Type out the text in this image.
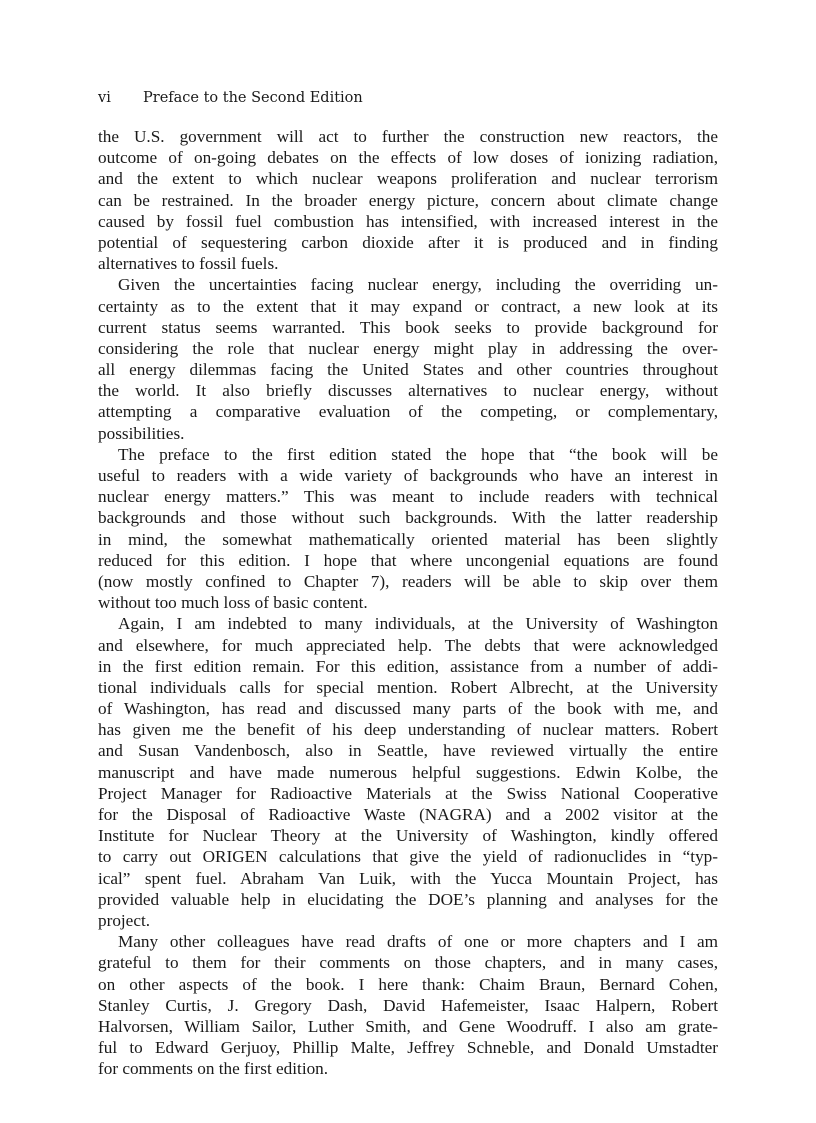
vi Preface to the Second Edition
the U.S. government will act to further the construction new reactors, the
outcome of on-going debates on the effects of low doses of ionizing radiation,
and the extent to which nuclear weapons proliferation and nuclear terrorism
can be restrained. In the broader energy picture, concern about climate change
caused by fossil fuel combustion has intensified, with increased interest in the
potential of sequestering carbon dioxide after it is produced and in finding
alternatives to fossil fuels.
Given the uncertainties facing nuclear energy, including the overriding un-
certainty as to the extent that it may expand or contract, a new look at its
current status seems warranted. This book seeks to provide background for
considering the role that nuclear energy might play in addressing the over-
all energy dilemmas facing the United States and other countries throughout
the world. It also briefly discusses alternatives to nuclear energy, without
attempting a comparative evaluation of the competing, or complementary,
possibilities.
The preface to the first edition stated the hope that “the book will be
useful to readers with a wide variety of backgrounds who have an interest in
nuclear energy matters.” This was meant to include readers with technical
backgrounds and those without such backgrounds. With the latter readership
in mind, the somewhat mathematically oriented material has been slightly
reduced for this edition. I hope that where uncongenial equations are found
(now mostly confined to Chapter 7), readers will be able to skip over them
without too much loss of basic content.
Again, I am indebted to many individuals, at the University of Washington
and elsewhere, for much appreciated help. The debts that were acknowledged
in the first edition remain. For this edition, assistance from a number of addi-
tional individuals calls for special mention. Robert Albrecht, at the University
of Washington, has read and discussed many parts of the book with me, and
has given me the benefit of his deep understanding of nuclear matters. Robert
and Susan Vandenbosch, also in Seattle, have reviewed virtually the entire
manuscript and have made numerous helpful suggestions. Edwin Kolbe, the
Project Manager for Radioactive Materials at the Swiss National Cooperative
for the Disposal of Radioactive Waste (NAGRA) and a 2002 visitor at the
Institute for Nuclear Theory at the University of Washington, kindly offered
to carry out ORIGEN calculations that give the yield of radionuclides in “typ-
ical” spent fuel. Abraham Van Luik, with the Yucca Mountain Project, has
provided valuable help in elucidating the DOE’s planning and analyses for the
project.
Many other colleagues have read drafts of one or more chapters and I am
grateful to them for their comments on those chapters, and in many cases,
on other aspects of the book. I here thank: Chaim Braun, Bernard Cohen,
Stanley Curtis, J. Gregory Dash, David Hafemeister, Isaac Halpern, Robert
Halvorsen, William Sailor, Luther Smith, and Gene Woodruff. I also am grate-
ful to Edward Gerjuoy, Phillip Malte, Jeffrey Schneble, and Donald Umstadter
for comments on the first edition.
